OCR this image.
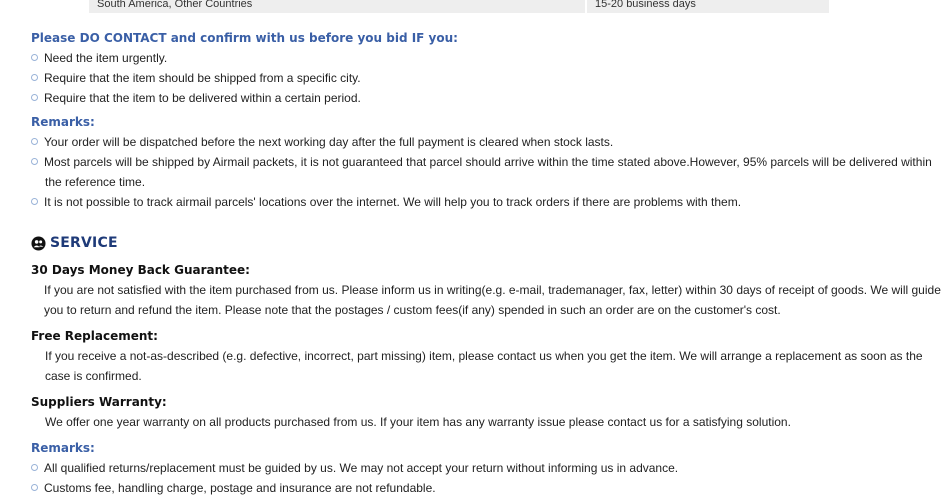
South America, Other Countries	15-20 business days
Please DO CONTACT and confirm with us before you bid IF you:
Need the item urgently.
Require that the item should be shipped from a specific city.
Require that the item to be delivered within a certain period.
Remarks:
Your order will be dispatched before the next working day after the full payment is cleared when stock lasts.
Most parcels will be shipped by Airmail packets, it is not guaranteed that parcel should arrive within the time stated above.However, 95% parcels will be delivered within
the reference time.
It is not possible to track airmail parcels' locations over the internet. We will help you to track orders if there are problems with them.
SERVICE
30 Days Money Back Guarantee:
If you are not satisfied with the item purchased from us. Please inform us in writing(e.g. e-mail, trademanager, fax, letter) within 30 days of receipt of goods. We will guide
you to return and refund the item. Please note that the postages / custom fees(if any) spended in such an order are on the customer's cost.
Free Replacement:
If you receive a not-as-described (e.g. defective, incorrect, part missing) item, please contact us when you get the item. We will arrange a replacement as soon as the
case is confirmed.
Suppliers Warranty:
We offer one year warranty on all products purchased from us. If your item has any warranty issue please contact us for a satisfying solution.
Remarks:
All qualified returns/replacement must be guided by us. We may not accept your return without informing us in advance.
Customs fee, handling charge, postage and insurance are not refundable.
